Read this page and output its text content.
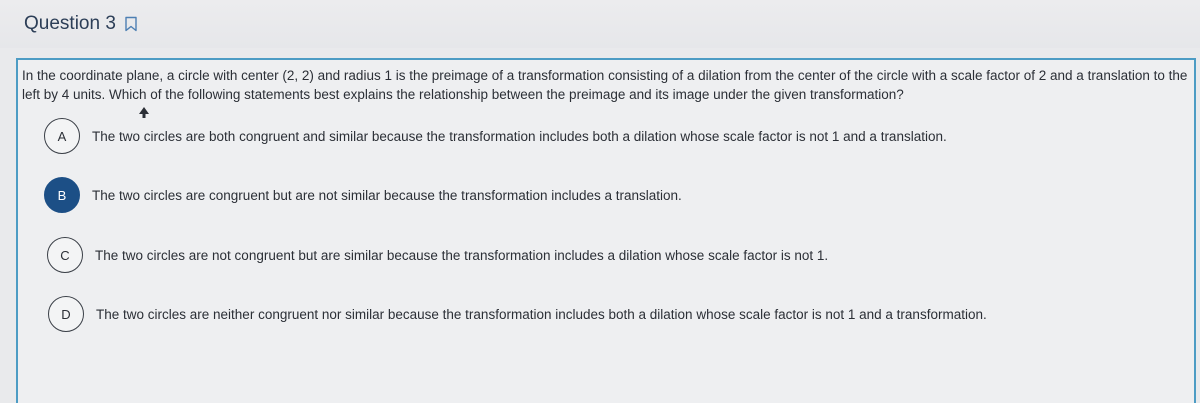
Question 3
In the coordinate plane, a circle with center (2, 2) and radius 1 is the preimage of a transformation consisting of a dilation from the center of the circle with a scale factor of 2 and a translation to the left by 4 units. Which of the following statements best explains the relationship between the preimage and its image under the given transformation?
A	The two circles are both congruent and similar because the transformation includes both a dilation whose scale factor is not 1 and a translation.
B	The two circles are congruent but are not similar because the transformation includes a translation.
C	The two circles are not congruent but are similar because the transformation includes a dilation whose scale factor is not 1.
D	The two circles are neither congruent nor similar because the transformation includes both a dilation whose scale factor is not 1 and a transformation.
